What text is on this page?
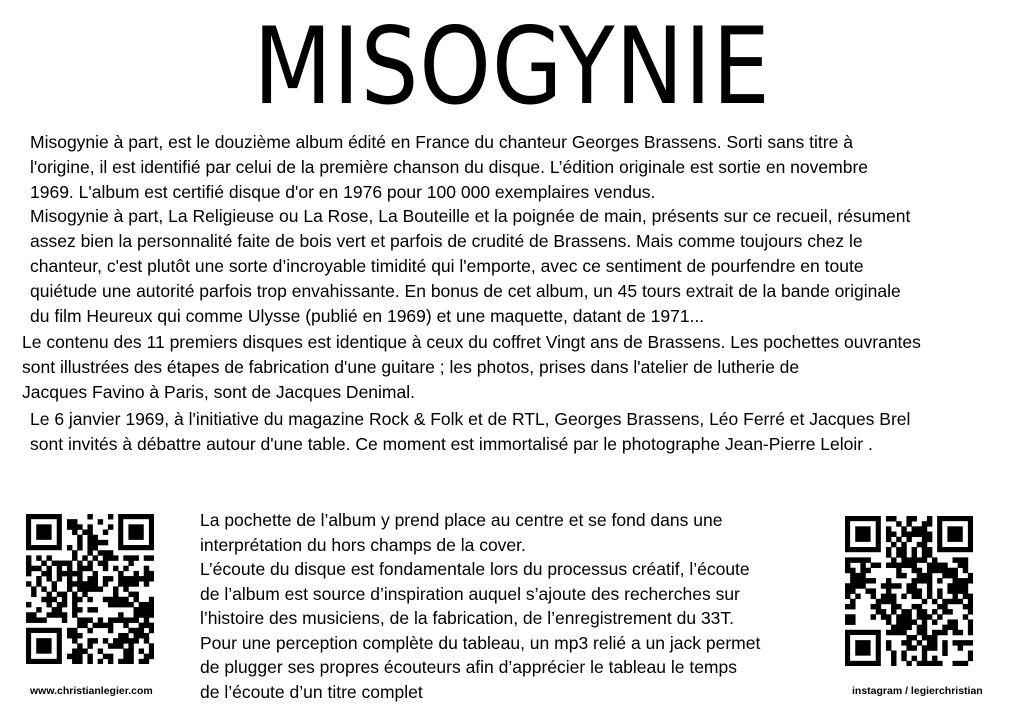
MISOGYNIE
Misogynie à part, est le douzième album édité en France du chanteur Georges Brassens. Sorti sans titre à
l'origine, il est identifié par celui de la première chanson du disque. L’édition originale est sortie en novembre
1969. L'album est certifié disque d'or en 1976 pour 100 000 exemplaires vendus.
Misogynie à part, La Religieuse ou La Rose, La Bouteille et la poignée de main, présents sur ce recueil, résument
assez bien la personnalité faite de bois vert et parfois de crudité de Brassens. Mais comme toujours chez le
chanteur, c'est plutôt une sorte d’incroyable timidité qui l'emporte, avec ce sentiment de pourfendre en toute
quiétude une autorité parfois trop envahissante. En bonus de cet album, un 45 tours extrait de la bande originale
du film Heureux qui comme Ulysse (publié en 1969) et une maquette, datant de 1971...
Le contenu des 11 premiers disques est identique à ceux du coffret Vingt ans de Brassens. Les pochettes ouvrantes
sont illustrées des étapes de fabrication d'une guitare ; les photos, prises dans l'atelier de lutherie de
Jacques Favino à Paris, sont de Jacques Denimal.
Le 6 janvier 1969, à l'initiative du magazine Rock & Folk et de RTL, Georges Brassens, Léo Ferré et Jacques Brel
sont invités à débattre autour d'une table. Ce moment est immortalisé par le photographe Jean-Pierre Leloir .
La pochette de l’album y prend place au centre et se fond dans une
interprétation du hors champs de la cover.
L’écoute du disque est fondamentale lors du processus créatif, l’écoute
de l’album est source d’inspiration auquel s’ajoute des recherches sur
l’histoire des musiciens, de la fabrication, de l’enregistrement du 33T.
Pour une perception complète du tableau, un mp3 relié a un jack permet
de plugger ses propres écouteurs afin d’apprécier le tableau le temps
de l’écoute d’un titre complet
www.christianlegier.com	instagram / legierchristian
